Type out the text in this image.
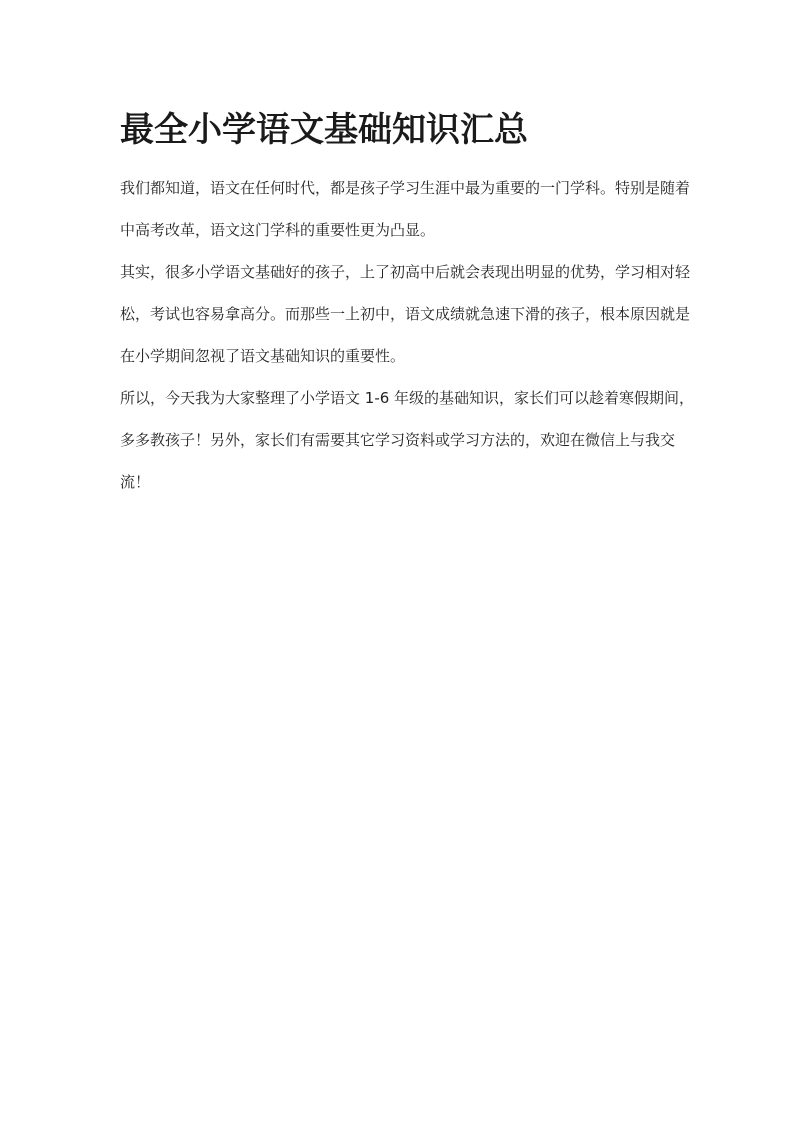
最全小学语文基础知识汇总

我们都知道，语文在任何时代，都是孩子学习生涯中最为重要的一门学科。特别是随着中高考改革，语文这门学科的重要性更为凸显。

其实，很多小学语文基础好的孩子，上了初高中后就会表现出明显的优势，学习相对轻松，考试也容易拿高分。而那些一上初中，语文成绩就急速下滑的孩子，根本原因就是在小学期间忽视了语文基础知识的重要性。

所以，今天我为大家整理了小学语文 1-6 年级的基础知识，家长们可以趁着寒假期间，多多教孩子！另外，家长们有需要其它学习资料或学习方法的，欢迎在微信上与我交流！
